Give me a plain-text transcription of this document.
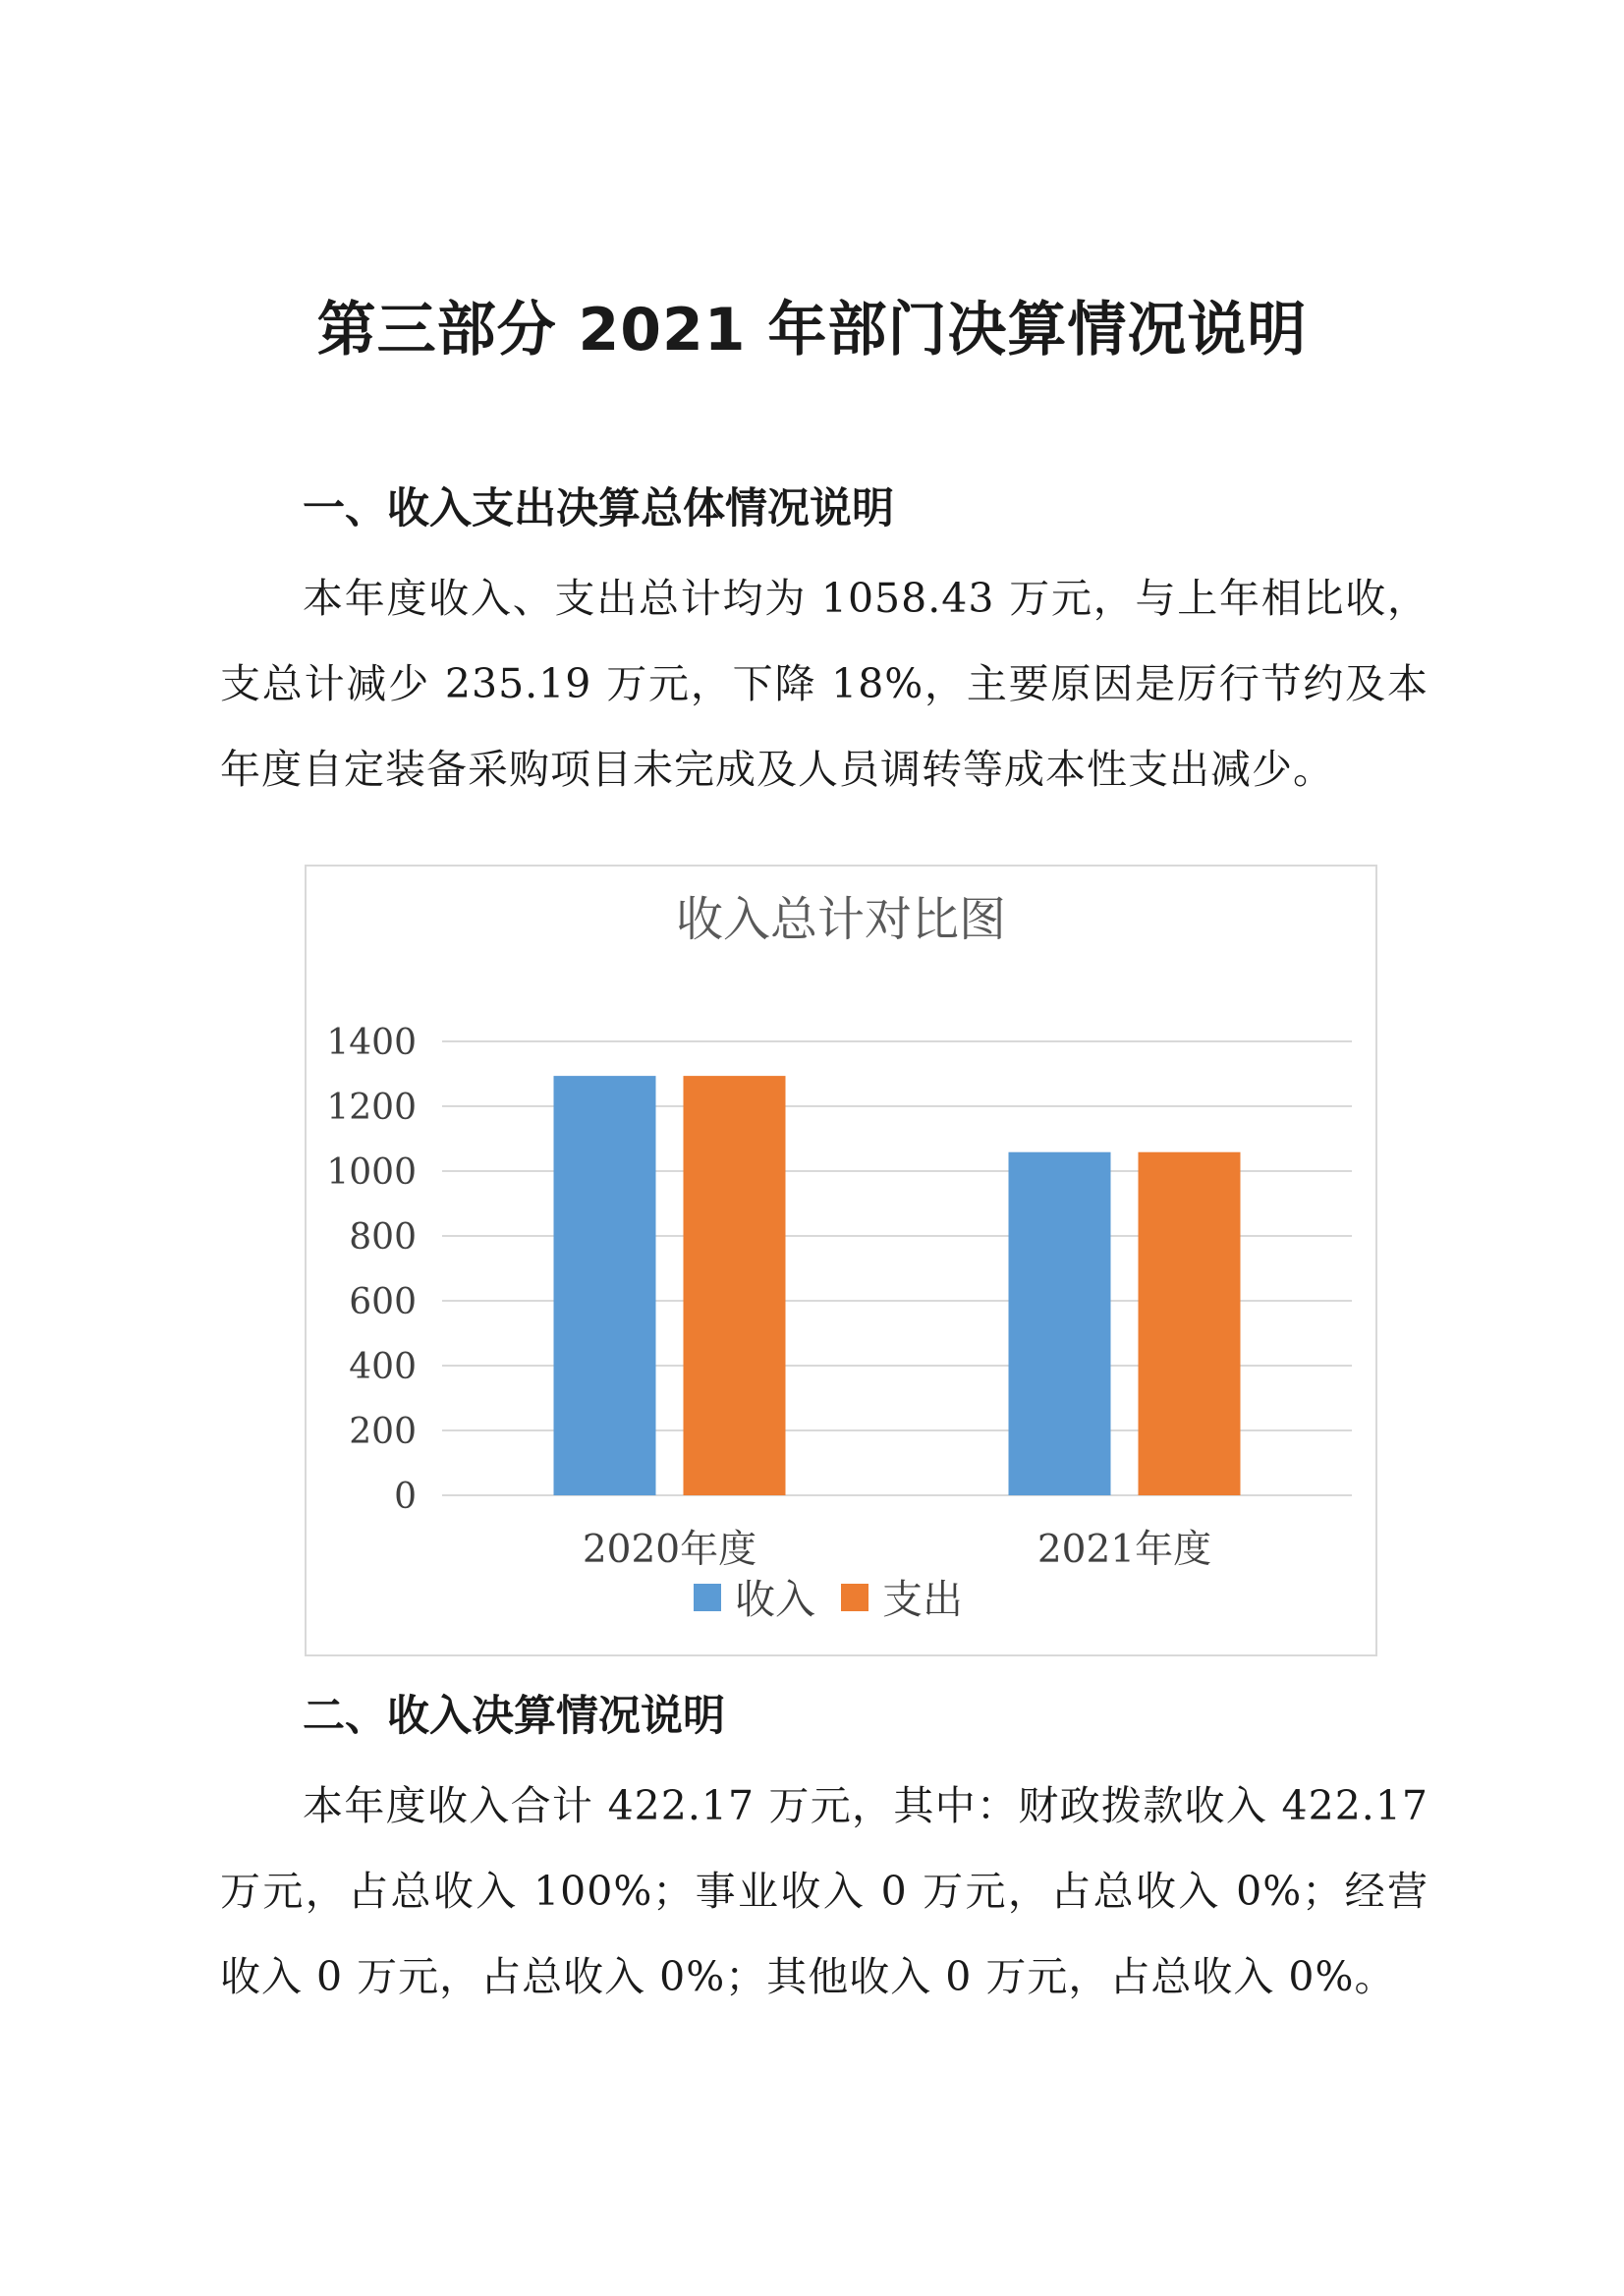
第三部分 2021 年部门决算情况说明
一、收入支出决算总体情况说明

本年度收入、支出总计均为 1058.43 万元，与上年相比收，支总计减少 235.19 万元，下降 18%，主要原因是厉行节约及本年度自定装备采购项目未完成及人员调转等成本性支出减少。

收入总计对比图
0
200
400
600
800
1000
1200
1400
2020年度	2021年度
收入 支出
二、收入决算情况说明

本年度收入合计 422.17 万元，其中：财政拨款收入 422.17 万元，占总收入 100%；事业收入 0 万元，占总收入 0%；经营收入 0 万元，占总收入 0%；其他收入 0 万元，占总收入 0%。
